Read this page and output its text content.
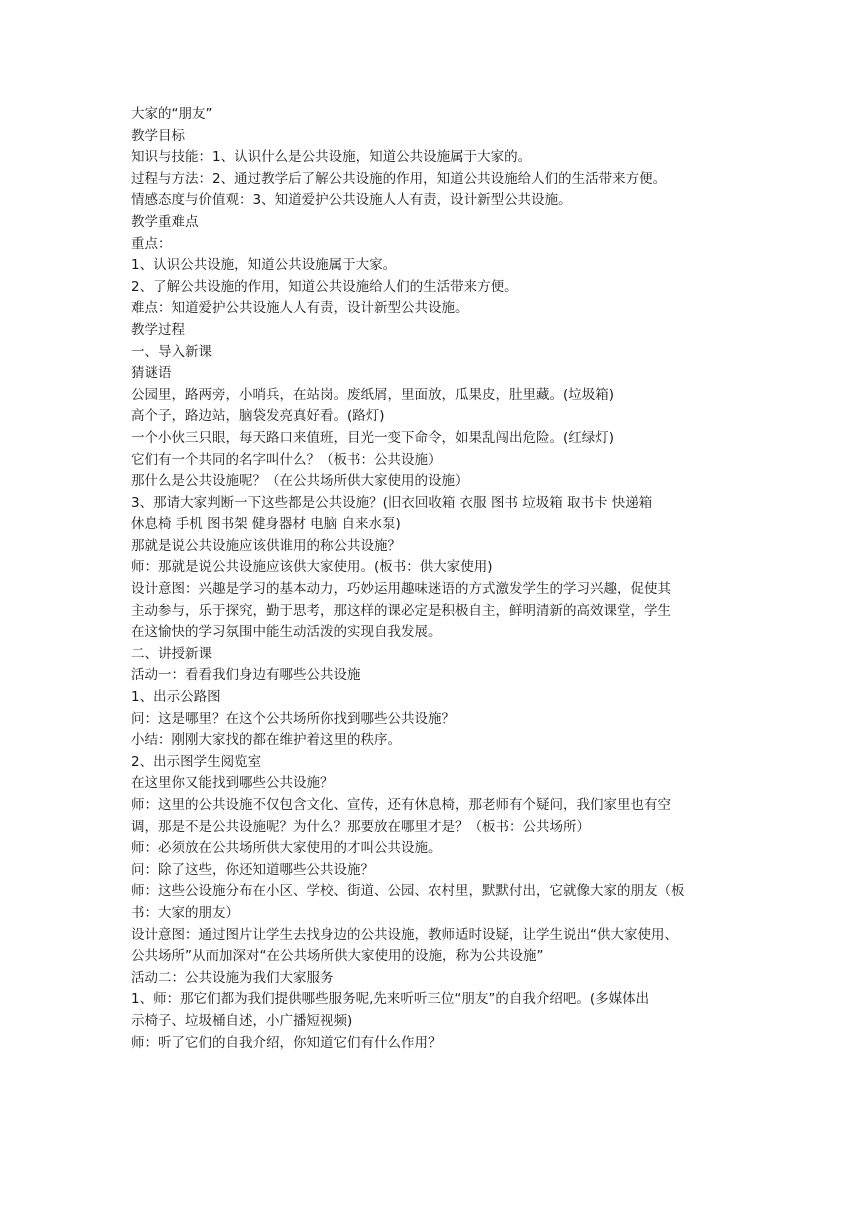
大家的“朋友”
教学目标
知识与技能：1、认识什么是公共设施，知道公共设施属于大家的。
过程与方法：2、通过教学后了解公共设施的作用，知道公共设施给人们的生活带来方便。
情感态度与价值观：3、知道爱护公共设施人人有责，设计新型公共设施。
教学重难点
重点：
1、认识公共设施，知道公共设施属于大家。
2、了解公共设施的作用，知道公共设施给人们的生活带来方便。
难点：知道爱护公共设施人人有责，设计新型公共设施。
教学过程
一、导入新课
猜谜语
公园里，路两旁，小哨兵，在站岗。废纸屑，里面放，瓜果皮，肚里藏。(垃圾箱)
高个子，路边站，脑袋发亮真好看。(路灯)
一个小伙三只眼，每天路口来值班，目光一变下命令，如果乱闯出危险。(红绿灯)
它们有一个共同的名字叫什么？（板书：公共设施）
那什么是公共设施呢？（在公共场所供大家使用的设施）
3、那请大家判断一下这些都是公共设施？(旧衣回收箱 衣服 图书 垃圾箱 取书卡 快递箱
休息椅 手机 图书架 健身器材 电脑 自来水泵)
那就是说公共设施应该供谁用的称公共设施？
师：那就是说公共设施应该供大家使用。(板书：供大家使用)
设计意图：兴趣是学习的基本动力，巧妙运用趣味迷语的方式激发学生的学习兴趣，促使其
主动参与，乐于探究，勤于思考，那这样的课必定是积极自主，鲜明清新的高效课堂，学生
在这愉快的学习氛围中能生动活泼的实现自我发展。
二、讲授新课
活动一：看看我们身边有哪些公共设施
1、出示公路图
问：这是哪里？在这个公共场所你找到哪些公共设施？
小结：刚刚大家找的都在维护着这里的秩序。
2、出示图学生阅览室
在这里你又能找到哪些公共设施？
师：这里的公共设施不仅包含文化、宣传，还有休息椅，那老师有个疑问，我们家里也有空
调，那是不是公共设施呢？为什么？那要放在哪里才是？（板书：公共场所）
师：必须放在公共场所供大家使用的才叫公共设施。
问：除了这些，你还知道哪些公共设施？
师：这些公设施分布在小区、学校、街道、公园、农村里，默默付出，它就像大家的朋友（板
书：大家的朋友）
设计意图：通过图片让学生去找身边的公共设施，教师适时设疑，让学生说出“供大家使用、
公共场所”从而加深对“在公共场所供大家使用的设施，称为公共设施”
活动二：公共设施为我们大家服务
1、师：那它们都为我们提供哪些服务呢,先来听听三位“朋友”的自我介绍吧。(多媒体出
示椅子、垃圾桶自述，小广播短视频)
师：听了它们的自我介绍，你知道它们有什么作用？
